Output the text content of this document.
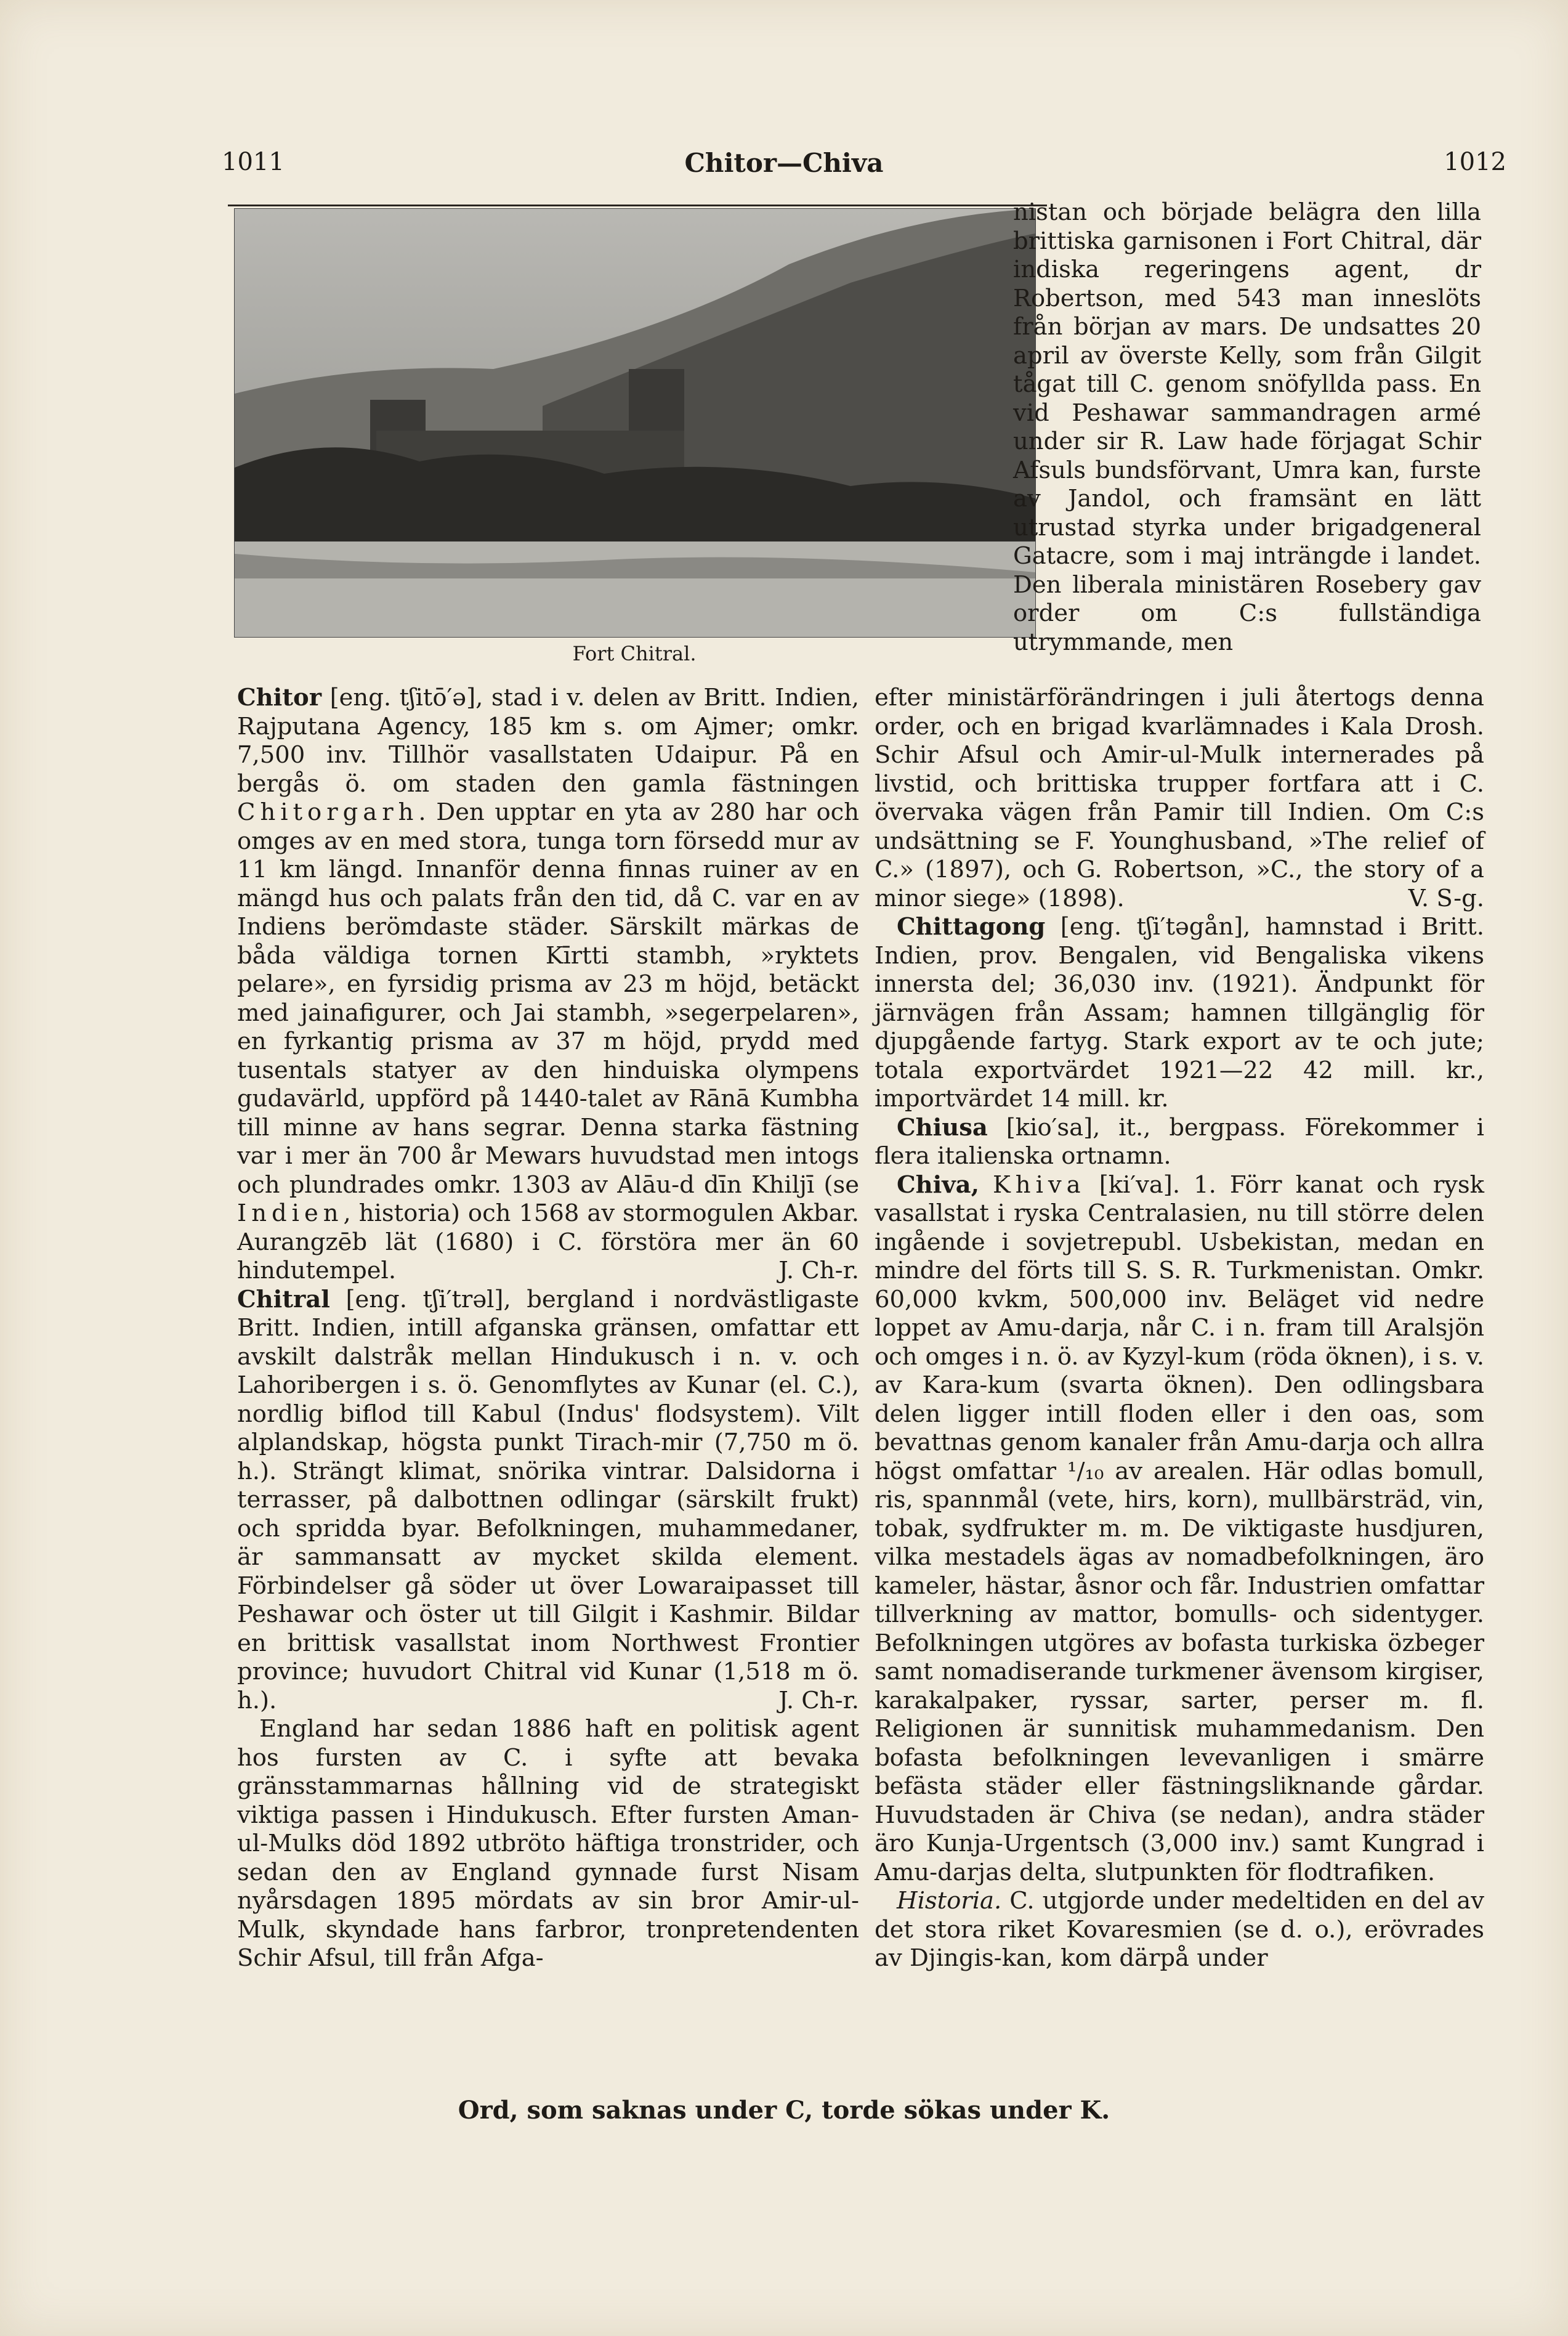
1011	Chitor—Chiva	1012
Fort Chitral.

nistan och började belägra den lilla brittiska garnisonen i Fort Chitral, där indiska regeringens agent, dr Robertson, med 543 man inneslöts från början av mars. De undsattes 20 april av överste Kelly, som från Gilgit tågat till C. genom snöfyllda pass. En vid Peshawar sammandragen armé under sir R. Law hade förjagat Schir Afsuls bundsförvant, Umra kan, furste av Jandol, och framsänt en lätt utrustad styrka under brigadgeneral Gatacre, som i maj inträngde i landet. Den liberala ministären Rosebery gav order om C:s fullständiga utrymmande, men

Chitor [eng. tʃitō′ə], stad i v. delen av Britt. Indien, Rajputana Agency, 185 km s. om Ajmer; omkr. 7,500 inv. Tillhör vasallstaten Udaipur. På en bergås ö. om staden den gamla fästningen Chitorgarh. Den upptar en yta av 280 har och omges av en med stora, tunga torn försedd mur av 11 km längd. Innanför denna finnas ruiner av en mängd hus och palats från den tid, då C. var en av Indiens berömdaste städer. Särskilt märkas de båda väldiga tornen Kīrtti stambh, »ryktets pelare», en fyrsidig prisma av 23 m höjd, betäckt med jainafigurer, och Jai stambh, »segerpelaren», en fyrkantig prisma av 37 m höjd, prydd med tusentals statyer av den hinduiska olympens gudavärld, uppförd på 1440-talet av Rānā Kumbha till minne av hans segrar. Denna starka fästning var i mer än 700 år Mewars huvudstad men intogs och plundrades omkr. 1303 av Alāu-d dīn Khiljī (se Indien, historia) och 1568 av stormogulen Akbar. Aurangzēb lät (1680) i C. förstöra mer än 60 hindutempel.	J. Ch-r.

Chitral [eng. tʃi′trəl], bergland i nordvästligaste Britt. Indien, intill afganska gränsen, omfattar ett avskilt dalstråk mellan Hindukusch i n. v. och Lahoribergen i s. ö. Genomflytes av Kunar (el. C.), nordlig biflod till Kabul (Indus' flodsystem). Vilt alplandskap, högsta punkt Tirach-mir (7,750 m ö. h.). Strängt klimat, snörika vintrar. Dalsidorna i terrasser, på dalbottnen odlingar (särskilt frukt) och spridda byar. Befolkningen, muhammedaner, är sammansatt av mycket skilda element. Förbindelser gå söder ut över Lowaraipasset till Peshawar och öster ut till Gilgit i Kashmir. Bildar en brittisk vasallstat inom Northwest Frontier province; huvudort Chitral vid Kunar (1,518 m ö. h.).	J. Ch-r.

England har sedan 1886 haft en politisk agent hos fursten av C. i syfte att bevaka gränsstammarnas hållning vid de strategiskt viktiga passen i Hindukusch. Efter fursten Aman-ul-Mulks död 1892 utbröto häftiga tronstrider, och sedan den av England gynnade furst Nisam nyårsdagen 1895 mördats av sin bror Amir-ul-Mulk, skyndade hans farbror, tronpretendenten Schir Afsul, till från Afga-

efter ministärförändringen i juli återtogs denna order, och en brigad kvarlämnades i Kala Drosh. Schir Afsul och Amir-ul-Mulk internerades på livstid, och brittiska trupper fortfara att i C. övervaka vägen från Pamir till Indien. Om C:s undsättning se F. Younghusband, »The relief of C.» (1897), och G. Robertson, »C., the story of a minor siege» (1898).	V. S-g.

Chittagong [eng. tʃi′təgån], hamnstad i Britt. Indien, prov. Bengalen, vid Bengaliska vikens innersta del; 36,030 inv. (1921). Ändpunkt för järnvägen från Assam; hamnen tillgänglig för djupgående fartyg. Stark export av te och jute; totala exportvärdet 1921—22 42 mill. kr., importvärdet 14 mill. kr.

Chiusa [kio′sa], it., bergpass. Förekommer i flera italienska ortnamn.

Chiva, Khiva [ki′va]. 1. Förr kanat och rysk vasallstat i ryska Centralasien, nu till större delen ingående i sovjetrepubl. Usbekistan, medan en mindre del förts till S. S. R. Turkmenistan. Omkr. 60,000 kvkm, 500,000 inv. Beläget vid nedre loppet av Amu-darja, når C. i n. fram till Aralsjön och omges i n. ö. av Kyzyl-kum (röda öknen), i s. v. av Kara-kum (svarta öknen). Den odlingsbara delen ligger intill floden eller i den oas, som bevattnas genom kanaler från Amu-darja och allra högst omfattar ¹/₁₀ av arealen. Här odlas bomull, ris, spannmål (vete, hirs, korn), mullbärsträd, vin, tobak, sydfrukter m. m. De viktigaste husdjuren, vilka mestadels ägas av nomadbefolkningen, äro kameler, hästar, åsnor och får. Industrien omfattar tillverkning av mattor, bomulls- och sidentyger. Befolkningen utgöres av bofasta turkiska özbeger samt nomadiserande turkmener ävensom kirgiser, karakalpaker, ryssar, sarter, perser m. fl. Religionen är sunnitisk muhammedanism. Den bofasta befolkningen levevanligen i smärre befästa städer eller fästningsliknande gårdar. Huvudstaden är Chiva (se nedan), andra städer äro Kunja-Urgentsch (3,000 inv.) samt Kungrad i Amu-darjas delta, slutpunkten för flodtrafiken.

Historia. C. utgjorde under medeltiden en del av det stora riket Kovaresmien (se d. o.), erövrades av Djingis-kan, kom därpå under

Ord, som saknas under C, torde sökas under K.
